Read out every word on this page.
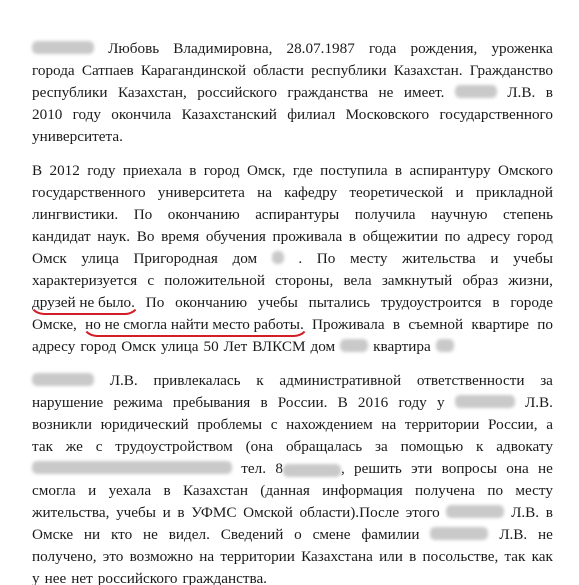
Любовь Владимировна, 28.07.1987 года рождения, уроженка
города Сатпаев Карагандинской области республики Казахстан. Гражданство
республики Казахстан, российского гражданства не имеет.	Л.В. в
2010 году окончила Казахстанский филиал Московского государственного
университета.
В 2012 году приехала в город Омск, где поступила в аспирантуру Омского
государственного университета на кафедру теоретической и прикладной
лингвистики. По окончанию аспирантуры получила научную степень
кандидат наук. Во время обучения проживала в общежитии по адресу город
Омск улица Пригородная дом	. По месту жительства и учебы
характеризуется с положительной стороны, вела замкнутый образ жизни,
друзей не было. По окончанию учебы пытались трудоустроится в городе
Омске, но не смогла найти место работы. Проживала в съемной квартире по
адресу город Омск улица 50 Лет ВЛКСМ дом	квартира
Л.В. привлекалась к административной ответственности за
нарушение режима пребывания в России. В 2016 году у	Л.В.
возникли юридический проблемы с нахождением на территории России, а
так же с трудоустройством (она обращалась за помощью к адвокату
тел. 8	, решить эти вопросы она не
смогла и уехала в Казахстан (данная информация получена по месту
жительства, учебы и в УФМС Омской области).После этого	Л.В. в
Омске ни кто не видел. Сведений о смене фамилии	Л.В. не
получено, это возможно на территории Казахстана или в посольстве, так как
у нее нет российского гражданства.
